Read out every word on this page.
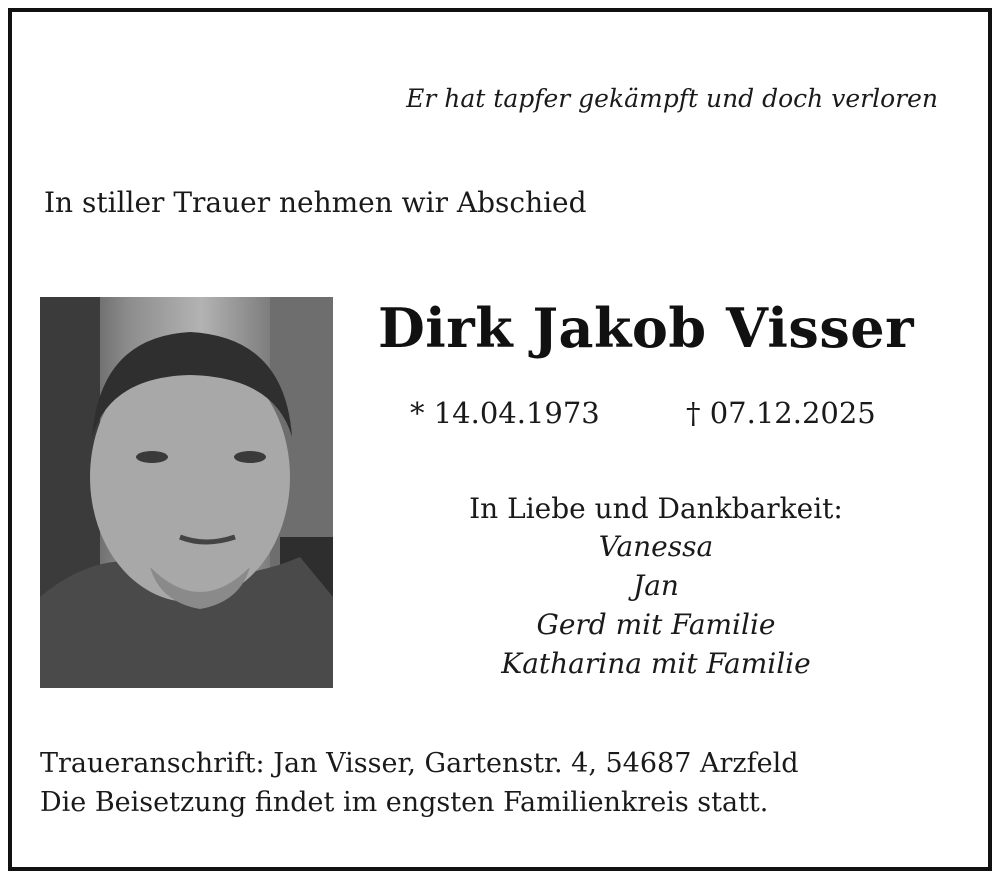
Er hat tapfer gekämpft und doch verloren
In stiller Trauer nehmen wir Abschied
Dirk Jakob Visser
* 14.04.1973	† 07.12.2025
In Liebe und Dankbarkeit:
Vanessa
Jan
Gerd mit Familie
Katharina mit Familie
Traueranschrift: Jan Visser, Gartenstr. 4, 54687 Arzfeld
Die Beisetzung findet im engsten Familienkreis statt.
